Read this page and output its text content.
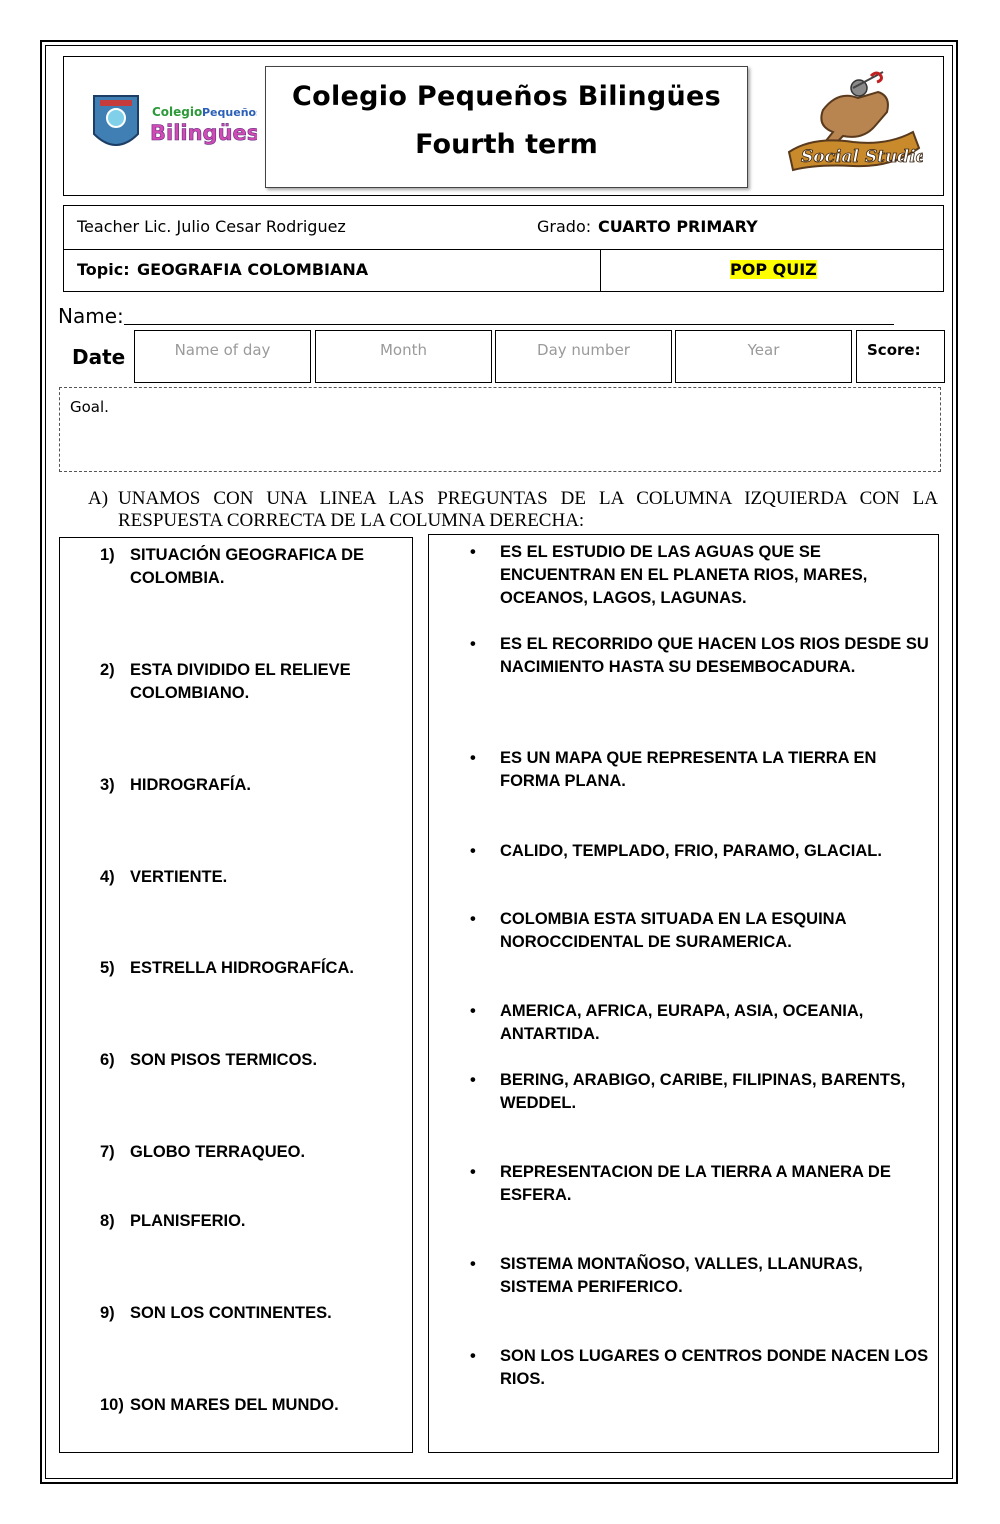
Colegio Pequeños
Bilingües
Colegio Pequeños Bilingües
Fourth term	Social Studies
Teacher Lic. Julio Cesar Rodriguez	Grado: CUARTO PRIMARY
Topic: GEOGRAFIA COLOMBIANA	POP QUIZ
Name:
Date	Name of day	Month	Day number	Year	Score:
Goal.
A) UNAMOS CON UNA LINEA LAS PREGUNTAS DE LA COLUMNA IZQUIERDA CON LA RESPUESTA CORRECTA DE LA COLUMNA DERECHA:
1) SITUACIÓN GEOGRAFICA DE COLOMBIA.
2) ESTA DIVIDIDO EL RELIEVE COLOMBIANO.
3) HIDROGRAFÍA.
4) VERTIENTE.
5) ESTRELLA HIDROGRAFÍCA.
6) SON PISOS TERMICOS.
7) GLOBO TERRAQUEO.
8) PLANISFERIO.
9) SON LOS CONTINENTES.
10) SON MARES DEL MUNDO.
• ES EL ESTUDIO DE LAS AGUAS QUE SE ENCUENTRAN EN EL PLANETA RIOS, MARES, OCEANOS, LAGOS, LAGUNAS.
• ES EL RECORRIDO QUE HACEN LOS RIOS DESDE SU NACIMIENTO HASTA SU DESEMBOCADURA.
• ES UN MAPA QUE REPRESENTA LA TIERRA EN FORMA PLANA.
• CALIDO, TEMPLADO, FRIO, PARAMO, GLACIAL.
• COLOMBIA ESTA SITUADA EN LA ESQUINA NOROCCIDENTAL DE SURAMERICA.
• AMERICA, AFRICA, EURAPA, ASIA, OCEANIA, ANTARTIDA.
• BERING, ARABIGO, CARIBE, FILIPINAS, BARENTS, WEDDEL.
• REPRESENTACION DE LA TIERRA A MANERA DE ESFERA.
• SISTEMA MONTAÑOSO, VALLES, LLANURAS, SISTEMA PERIFERICO.
• SON LOS LUGARES O CENTROS DONDE NACEN LOS RIOS.
